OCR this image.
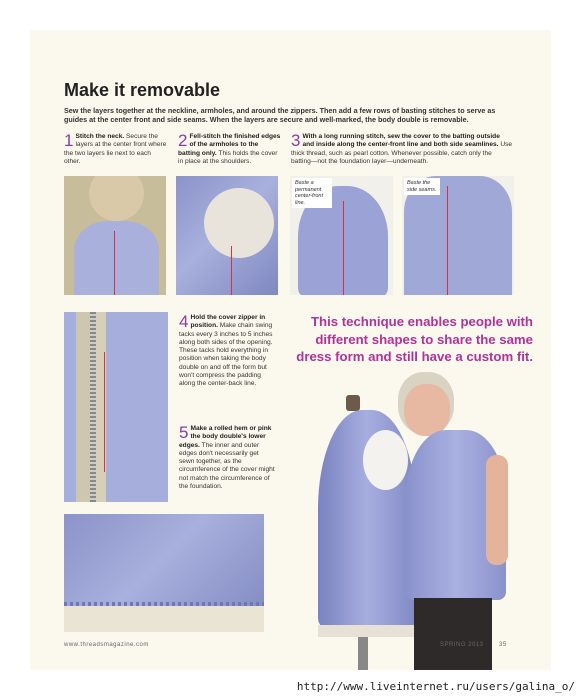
Make it removable
Sew the layers together at the neckline, armholes, and around the zippers. Then add a few rows of basting stitches to serve as guides at the center front and side seams. When the layers are secure and well-marked, the body double is removable.
1 Stitch the neck. Secure the layers at the center front where the two layers lie next to each other.
2 Fell-stitch the finished edges of the armholes to the batting only. This holds the cover in place at the shoulders.
3 With a long running stitch, sew the cover to the batting outside and inside along the center-front line and both side seamlines. Use thick thread, such as pearl cotton. Whenever possible, catch only the batting—not the foundation layer—underneath.
Baste a permanent center-front line.
Baste the side seams.
4 Hold the cover zipper in position. Make chain swing tacks every 3 inches to 5 inches along both sides of the opening. These tacks hold everything in position when taking the body double on and off the form but won't compress the padding along the center-back line.
5 Make a rolled hem or pink the body double's lower edges. The inner and outer edges don't necessarily get sewn together, as the circumference of the cover might not match the circumference of the foundation.
This technique enables people with different shapes to share the same dress form and still have a custom fit.
www.threadsmagazine.com	SPRING 2013	35
http://www.liveinternet.ru/users/galina_o/
